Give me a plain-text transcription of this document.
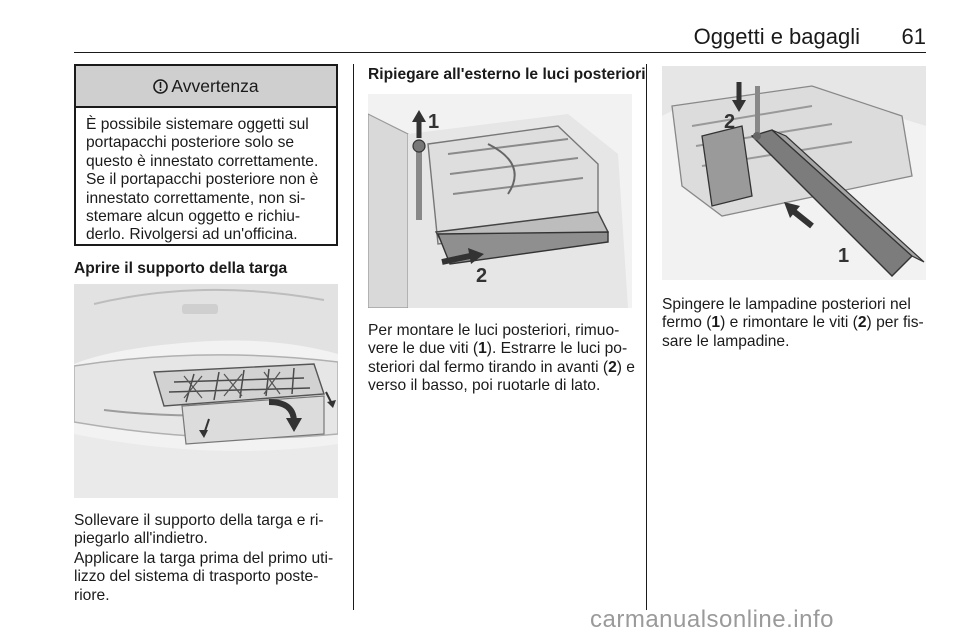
Oggetti e bagagli 61
Avvertenza
È possibile sistemare oggetti sul portapacchi posteriore solo se questo è innestato correttamente. Se il portapacchi posteriore non è innestato correttamente, non si-stemare alcun oggetto e richiu-derlo. Rivolgersi ad un'officina.

Aprire il supporto della targa

Sollevare il supporto della targa e ri-piegarlo all'indietro.

Applicare la targa prima del primo uti-lizzo del sistema di trasporto poste-riore.

Ripiegare all'esterno le luci posteriori

1
2

Per montare le luci posteriori, rimuo-vere le due viti (1). Estrarre le luci po-steriori dal fermo tirando in avanti (2) e verso il basso, poi ruotarle di lato.

2
1

Spingere le lampadine posteriori nel fermo (1) e rimontare le viti (2) per fis-sare le lampadine.

carmanualsonline.info
